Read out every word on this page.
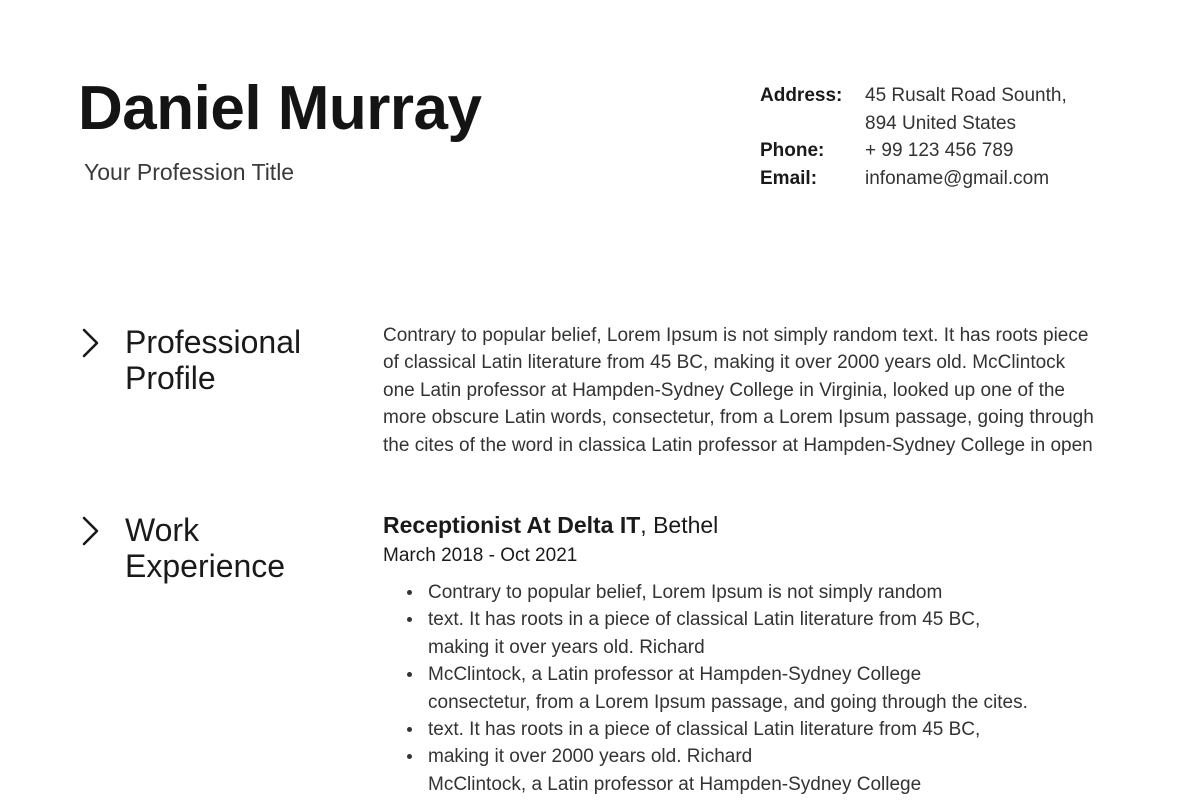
Daniel Murray
Your Profession Title
Address:	45 Rusalt Road Sounth,
894 United States
Phone:	+ 99 123 456 789
Email:	infoname@gmail.com
Professional
Profile
Contrary to popular belief, Lorem Ipsum is not simply random text. It has roots piece
of classical Latin literature from 45 BC, making it over 2000 years old. McClintock
one Latin professor at Hampden-Sydney College in Virginia, looked up one of the
more obscure Latin words, consectetur, from a Lorem Ipsum passage, going through
the cites of the word in classica Latin professor at Hampden-Sydney College in open
Work
Experience
Receptionist At Delta IT, Bethel
March 2018 - Oct 2021
Contrary to popular belief, Lorem Ipsum is not simply random
text. It has roots in a piece of classical Latin literature from 45 BC,
making it over years old. Richard
McClintock, a Latin professor at Hampden-Sydney College
consectetur, from a Lorem Ipsum passage, and going through the cites.
text. It has roots in a piece of classical Latin literature from 45 BC,
making it over 2000 years old. Richard
McClintock, a Latin professor at Hampden-Sydney College
